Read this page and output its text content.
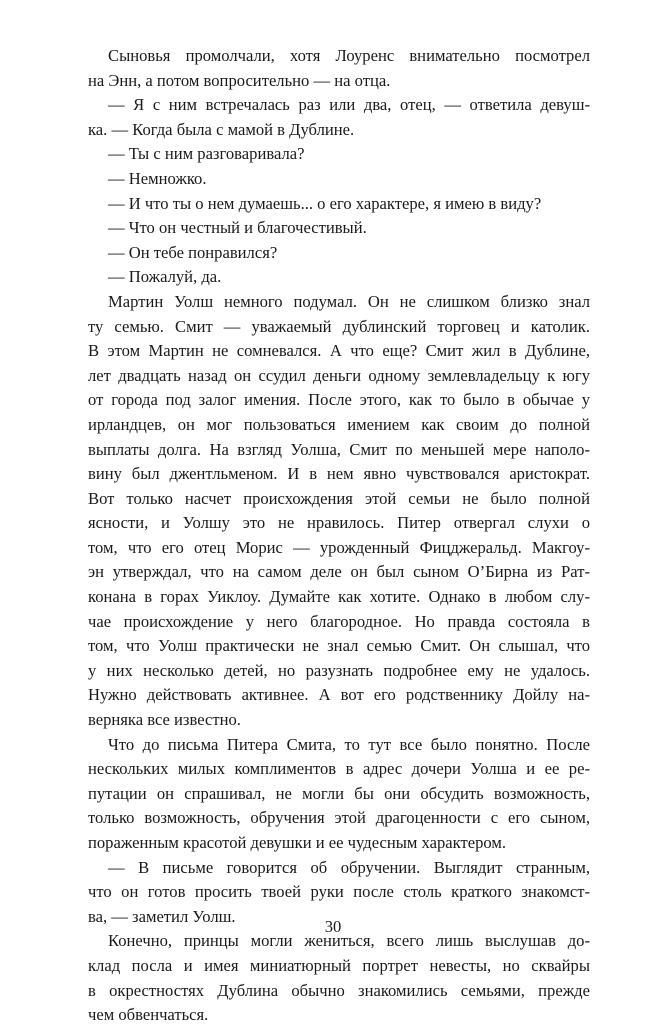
Сыновья промолчали, хотя Лоуренс внимательно посмотрел
на Энн, а потом вопросительно — на отца.
— Я с ним встречалась раз или два, отец, — ответила девуш-
ка. — Когда была с мамой в Дублине.
— Ты с ним разговаривала?
— Немножко.
— И что ты о нем думаешь... о его характере, я имею в виду?
— Что он честный и благочестивый.
— Он тебе понравился?
— Пожалуй, да.
Мартин Уолш немного подумал. Он не слишком близко знал
ту семью. Смит — уважаемый дублинский торговец и католик.
В этом Мартин не сомневался. А что еще? Смит жил в Дублине,
лет двадцать назад он ссудил деньги одному землевладельцу к югу
от города под залог имения. После этого, как то было в обычае у
ирландцев, он мог пользоваться имением как своим до полной
выплаты долга. На взгляд Уолша, Смит по меньшей мере наполо-
вину был джентльменом. И в нем явно чувствовался аристократ.
Вот только насчет происхождения этой семьи не было полной
ясности, и Уолшу это не нравилось. Питер отвергал слухи о
том, что его отец Морис — урожденный Фицджеральд. Макгоу-
эн утверждал, что на самом деле он был сыном О’Бирна из Рат-
конана в горах Уиклоу. Думайте как хотите. Однако в любом слу-
чае происхождение у него благородное. Но правда состояла в
том, что Уолш практически не знал семью Смит. Он слышал, что
у них несколько детей, но разузнать подробнее ему не удалось.
Нужно действовать активнее. А вот его родственнику Дойлу на-
верняка все известно.
Что до письма Питера Смита, то тут все было понятно. После
нескольких милых комплиментов в адрес дочери Уолша и ее ре-
путации он спрашивал, не могли бы они обсудить возможность,
только возможность, обручения этой драгоценности с его сыном,
пораженным красотой девушки и ее чудесным характером.
— В письме говорится об обручении. Выглядит странным,
что он готов просить твоей руки после столь краткого знакомст-
ва, — заметил Уолш.
Конечно, принцы могли жениться, всего лишь выслушав до-
клад посла и имея миниатюрный портрет невесты, но сквайры
в окрестностях Дублина обычно знакомились семьями, прежде
чем обвенчаться.
30
